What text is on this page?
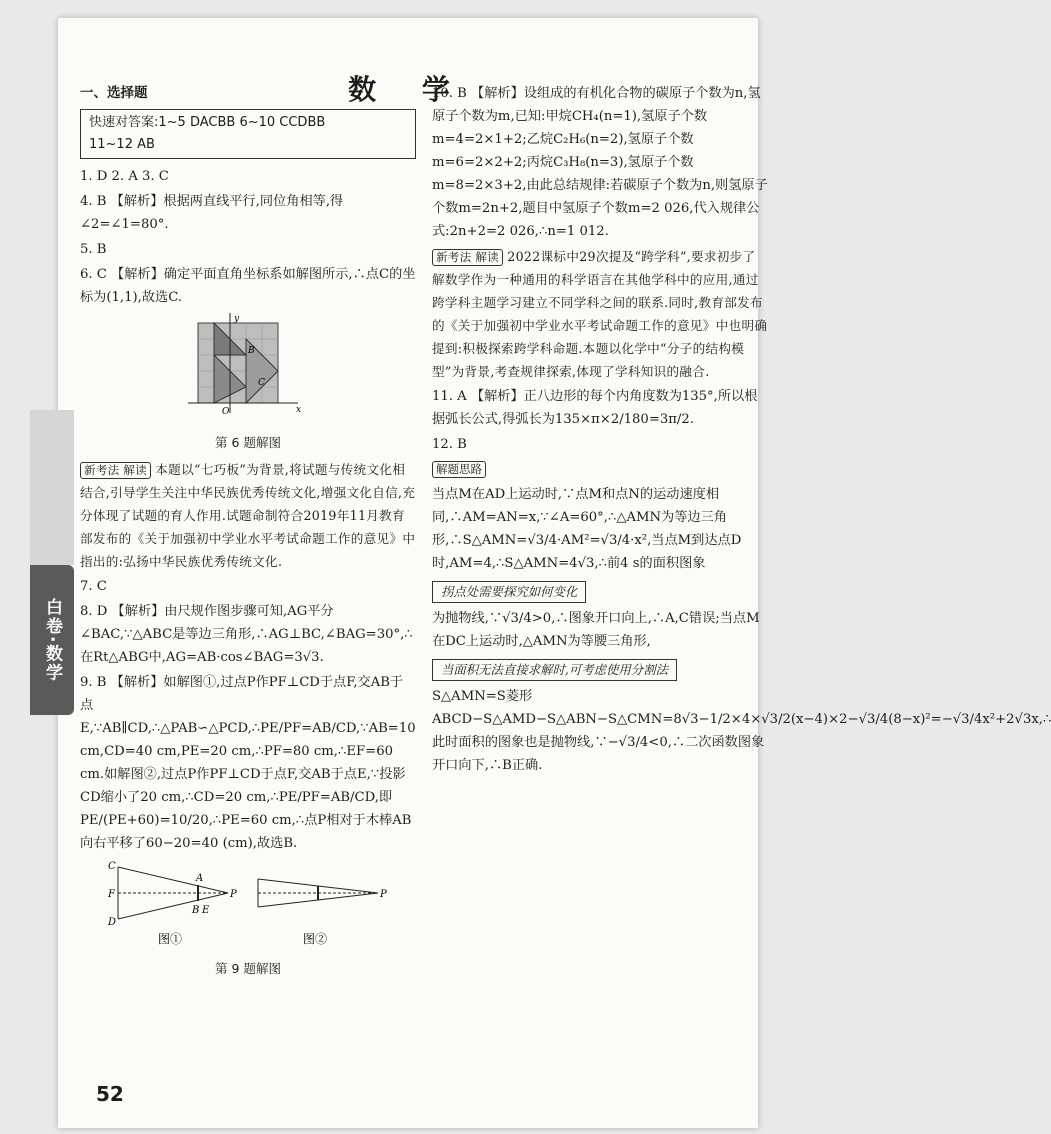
数 学
白卷·数学

一、选择题

快速对答案:1~5 DACBB 6~10 CCDBB
11~12 AB

1. D 2. A 3. C

4. B 【解析】根据两直线平行,同位角相等,得∠2=∠1=80°.

5. B

6. C 【解析】确定平面直角坐标系如解图所示,∴点C的坐标为(1,1),故选C.

y
x
O
B
C
第 6 题解图

新考法 解读 本题以“七巧板”为背景,将试题与传统文化相结合,引导学生关注中华民族优秀传统文化,增强文化自信,充分体现了试题的育人作用.试题命制符合2019年11月教育部发布的《关于加强初中学业水平考试命题工作的意见》中指出的:弘扬中华民族优秀传统文化.

7. C

8. D 【解析】由尺规作图步骤可知,AG平分∠BAC,∵△ABC是等边三角形,∴AG⊥BC,∠BAG=30°,∴在Rt△ABG中,AG=AB·cos∠BAG=3√3.

9. B 【解析】如解图①,过点P作PF⊥CD于点F,交AB于点E,∵AB∥CD,∴△PAB∽△PCD,∴PE/PF=AB/CD,∵AB=10 cm,CD=40 cm,PE=20 cm,∴PF=80 cm,∴EF=60 cm.如解图②,过点P作PF⊥CD于点F,交AB于点E,∵投影CD缩小了20 cm,∴CD=20 cm,∴PE/PF=AB/CD,即PE/(PE+60)=10/20,∴PE=60 cm,∴点P相对于木棒AB向右平移了60−20=40 (cm),故选B.

C
D
F
A
B E
P	P
图①	图②
第 9 题解图

10. B 【解析】设组成的有机化合物的碳原子个数为n,氢原子个数为m,已知:甲烷CH₄(n=1),氢原子个数m=4=2×1+2;乙烷C₂H₆(n=2),氢原子个数m=6=2×2+2;丙烷C₃H₈(n=3),氢原子个数m=8=2×3+2,由此总结规律:若碳原子个数为n,则氢原子个数m=2n+2,题目中氢原子个数m=2 026,代入规律公式:2n+2=2 026,∴n=1 012.

新考法 解读 2022课标中29次提及“跨学科”,要求初步了解数学作为一种通用的科学语言在其他学科中的应用,通过跨学科主题学习建立不同学科之间的联系.同时,教育部发布的《关于加强初中学业水平考试命题工作的意见》中也明确提到:积极探索跨学科命题.本题以化学中“分子的结构模型”为背景,考查规律探索,体现了学科知识的融合.

11. A 【解析】正八边形的每个内角度数为135°,所以根据弧长公式,得弧长为135×π×2/180=3π/2.

12. B

解题思路

当点M在AD上运动时,∵点M和点N的运动速度相同,∴AM=AN=x,∵∠A=60°,∴△AMN为等边三角形,∴S△AMN=√3/4·AM²=√3/4·x²,当点M到达点D时,AM=4,∴S△AMN=4√3,∴前4 s的面积图象

拐点处需要探究如何变化

为抛物线,∵√3/4>0,∴图象开口向上,∴A,C错误;当点M在DC上运动时,△AMN为等腰三角形,

当面积无法直接求解时,可考虑使用分割法

S△AMN=S菱形ABCD−S△AMD−S△ABN−S△CMN=8√3−1/2×4×√3/2(x−4)×2−√3/4(8−x)²=−√3/4x²+2√3x,∴此时面积的图象也是抛物线,∵−√3/4<0,∴二次函数图象开口向下,∴B正确.

52
